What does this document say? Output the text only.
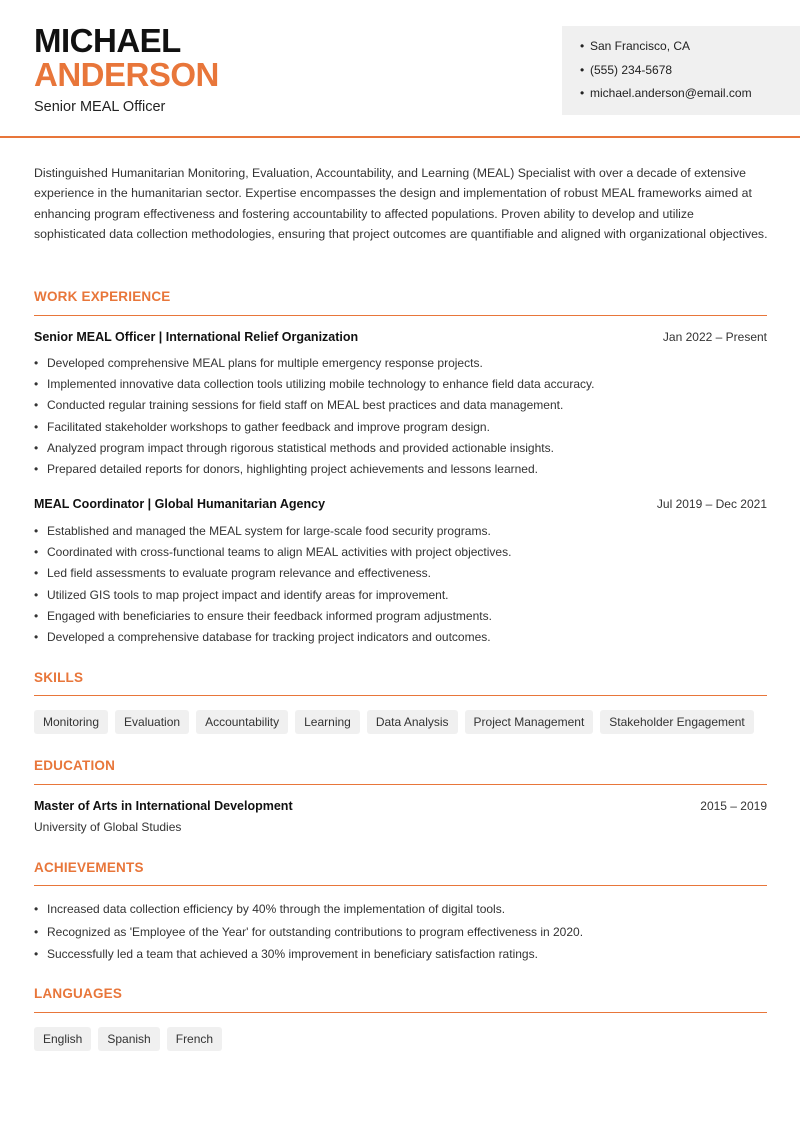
MICHAEL
ANDERSON
Senior MEAL Officer
• San Francisco, CA
• (555) 234-5678
• michael.anderson@email.com
Distinguished Humanitarian Monitoring, Evaluation, Accountability, and Learning (MEAL) Specialist with over a decade of extensive experience in the humanitarian sector. Expertise encompasses the design and implementation of robust MEAL frameworks aimed at enhancing program effectiveness and fostering accountability to affected populations. Proven ability to develop and utilize sophisticated data collection methodologies, ensuring that project outcomes are quantifiable and aligned with organizational objectives.
WORK EXPERIENCE
Senior MEAL Officer | International Relief Organization	Jan 2022 – Present
• Developed comprehensive MEAL plans for multiple emergency response projects.
• Implemented innovative data collection tools utilizing mobile technology to enhance field data accuracy.
• Conducted regular training sessions for field staff on MEAL best practices and data management.
• Facilitated stakeholder workshops to gather feedback and improve program design.
• Analyzed program impact through rigorous statistical methods and provided actionable insights.
• Prepared detailed reports for donors, highlighting project achievements and lessons learned.
MEAL Coordinator | Global Humanitarian Agency	Jul 2019 – Dec 2021
• Established and managed the MEAL system for large-scale food security programs.
• Coordinated with cross-functional teams to align MEAL activities with project objectives.
• Led field assessments to evaluate program relevance and effectiveness.
• Utilized GIS tools to map project impact and identify areas for improvement.
• Engaged with beneficiaries to ensure their feedback informed program adjustments.
• Developed a comprehensive database for tracking project indicators and outcomes.
SKILLS
Monitoring	Evaluation	Accountability	Learning	Data Analysis	Project Management	Stakeholder Engagement
EDUCATION
Master of Arts in International Development	2015 – 2019
University of Global Studies
ACHIEVEMENTS
• Increased data collection efficiency by 40% through the implementation of digital tools.
• Recognized as 'Employee of the Year' for outstanding contributions to program effectiveness in 2020.
• Successfully led a team that achieved a 30% improvement in beneficiary satisfaction ratings.
LANGUAGES
English	Spanish	French
